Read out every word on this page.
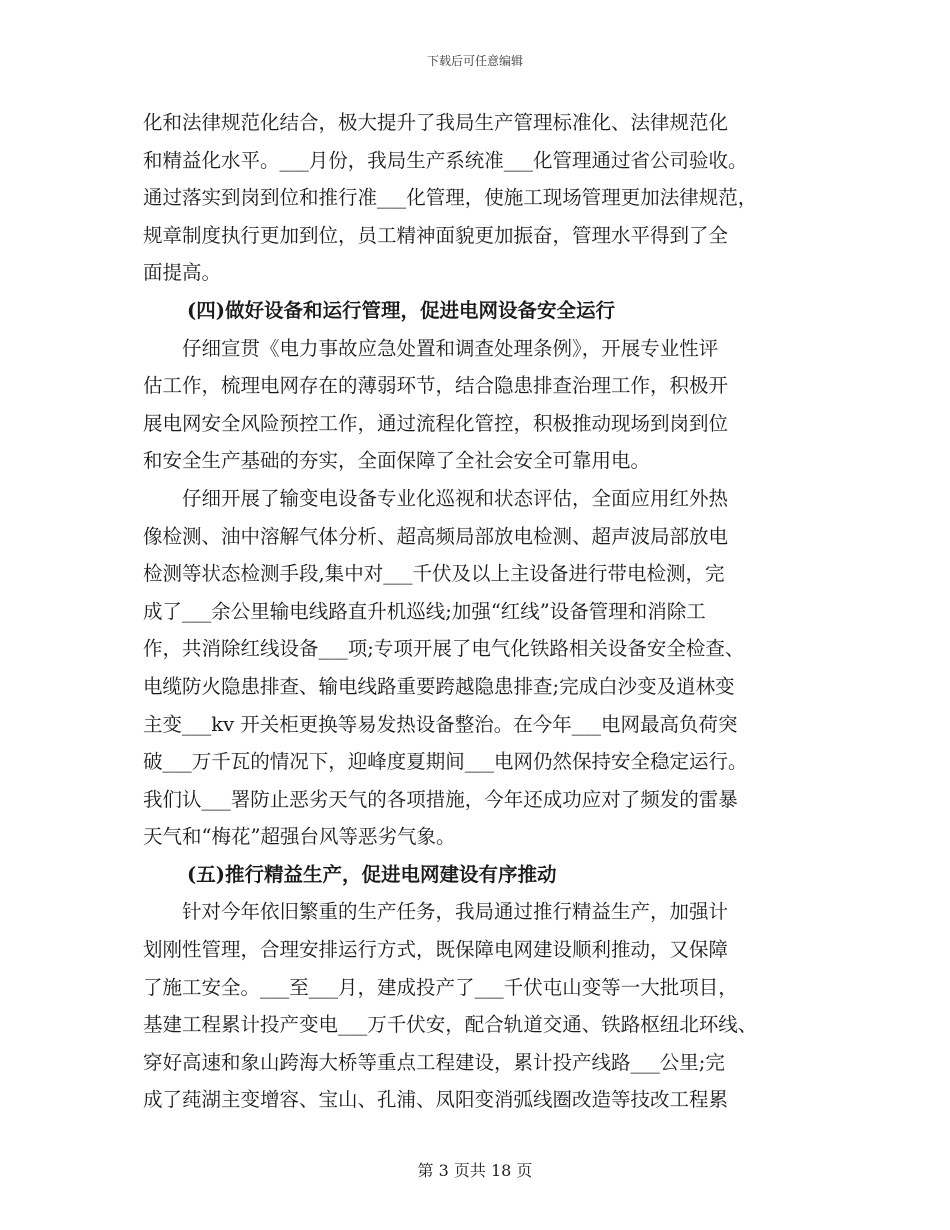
下载后可任意编辑
化和法律规范化结合，极大提升了我局生产管理标准化、法律规范化
和精益化水平。___月份，我局生产系统准___化管理通过省公司验收。
通过落实到岗到位和推行准___化管理，使施工现场管理更加法律规范，
规章制度执行更加到位，员工精神面貌更加振奋，管理水平得到了全
面提高。
(四)做好设备和运行管理，促进电网设备安全运行
　　仔细宣贯《电力事故应急处置和调查处理条例》，开展专业性评
估工作，梳理电网存在的薄弱环节，结合隐患排查治理工作，积极开
展电网安全风险预控工作，通过流程化管控，积极推动现场到岗到位
和安全生产基础的夯实，全面保障了全社会安全可靠用电。
　　仔细开展了输变电设备专业化巡视和状态评估，全面应用红外热
像检测、油中溶解气体分析、超高频局部放电检测、超声波局部放电
检测等状态检测手段,集中对___千伏及以上主设备进行带电检测，完
成了___余公里输电线路直升机巡线;加强“红线”设备管理和消除工
作，共消除红线设备___项;专项开展了电气化铁路相关设备安全检查、
电缆防火隐患排查、输电线路重要跨越隐患排查;完成白沙变及逍林变
主变___kv 开关柜更换等易发热设备整治。在今年___电网最高负荷突
破___万千瓦的情况下，迎峰度夏期间___电网仍然保持安全稳定运行。
我们认___署防止恶劣天气的各项措施，今年还成功应对了频发的雷暴
天气和“梅花”超强台风等恶劣气象。
(五)推行精益生产，促进电网建设有序推动
　　针对今年依旧繁重的生产任务，我局通过推行精益生产，加强计
划刚性管理，合理安排运行方式，既保障电网建设顺利推动，又保障
了施工安全。___至___月，建成投产了___千伏屯山变等一大批项目，
基建工程累计投产变电___万千伏安，配合轨道交通、铁路枢纽北环线、
穿好高速和象山跨海大桥等重点工程建设，累计投产线路___公里;完
成了莼湖主变增容、宝山、孔浦、凤阳变消弧线圈改造等技改工程累
第 3 页共 18 页
